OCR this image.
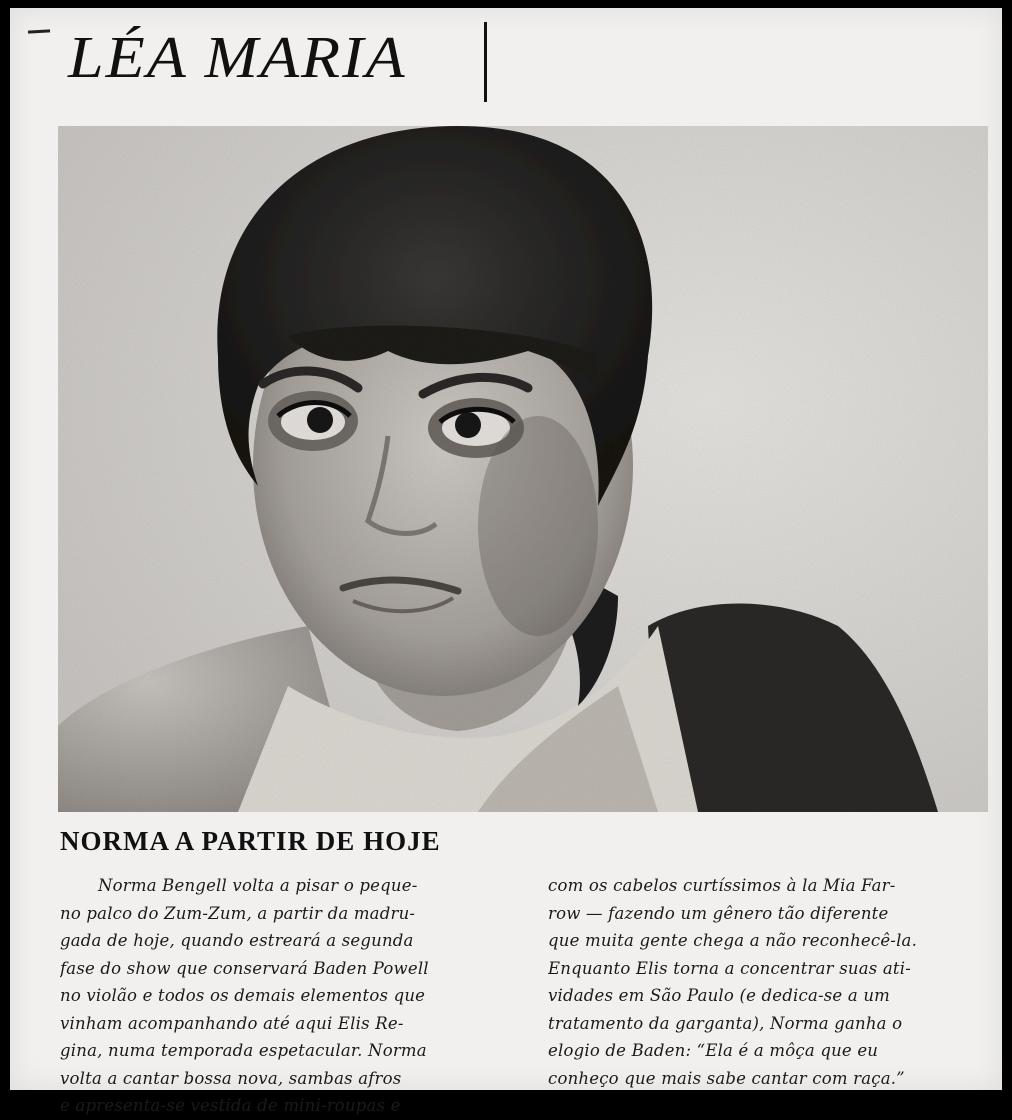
LÉA MARIA
NORMA A PARTIR DE HOJE
Norma Bengell volta a pisar o peque-
no palco do Zum-Zum, a partir da madru-
gada de hoje, quando estreará a segunda
fase do show que conservará Baden Powell
no violão e todos os demais elementos que
vinham acompanhando até aqui Elis Re-
gina, numa temporada espetacular. Norma
volta a cantar bossa nova, sambas afros
e apresenta-se vestida de mini-roupas e
com os cabelos curtíssimos à la Mia Far-
row — fazendo um gênero tão diferente
que muita gente chega a não reconhecê-la.
Enquanto Elis torna a concentrar suas ati-
vidades em São Paulo (e dedica-se a um
tratamento da garganta), Norma ganha o
elogio de Baden: “Ela é a môça que eu
conheço que mais sabe cantar com raça.”
